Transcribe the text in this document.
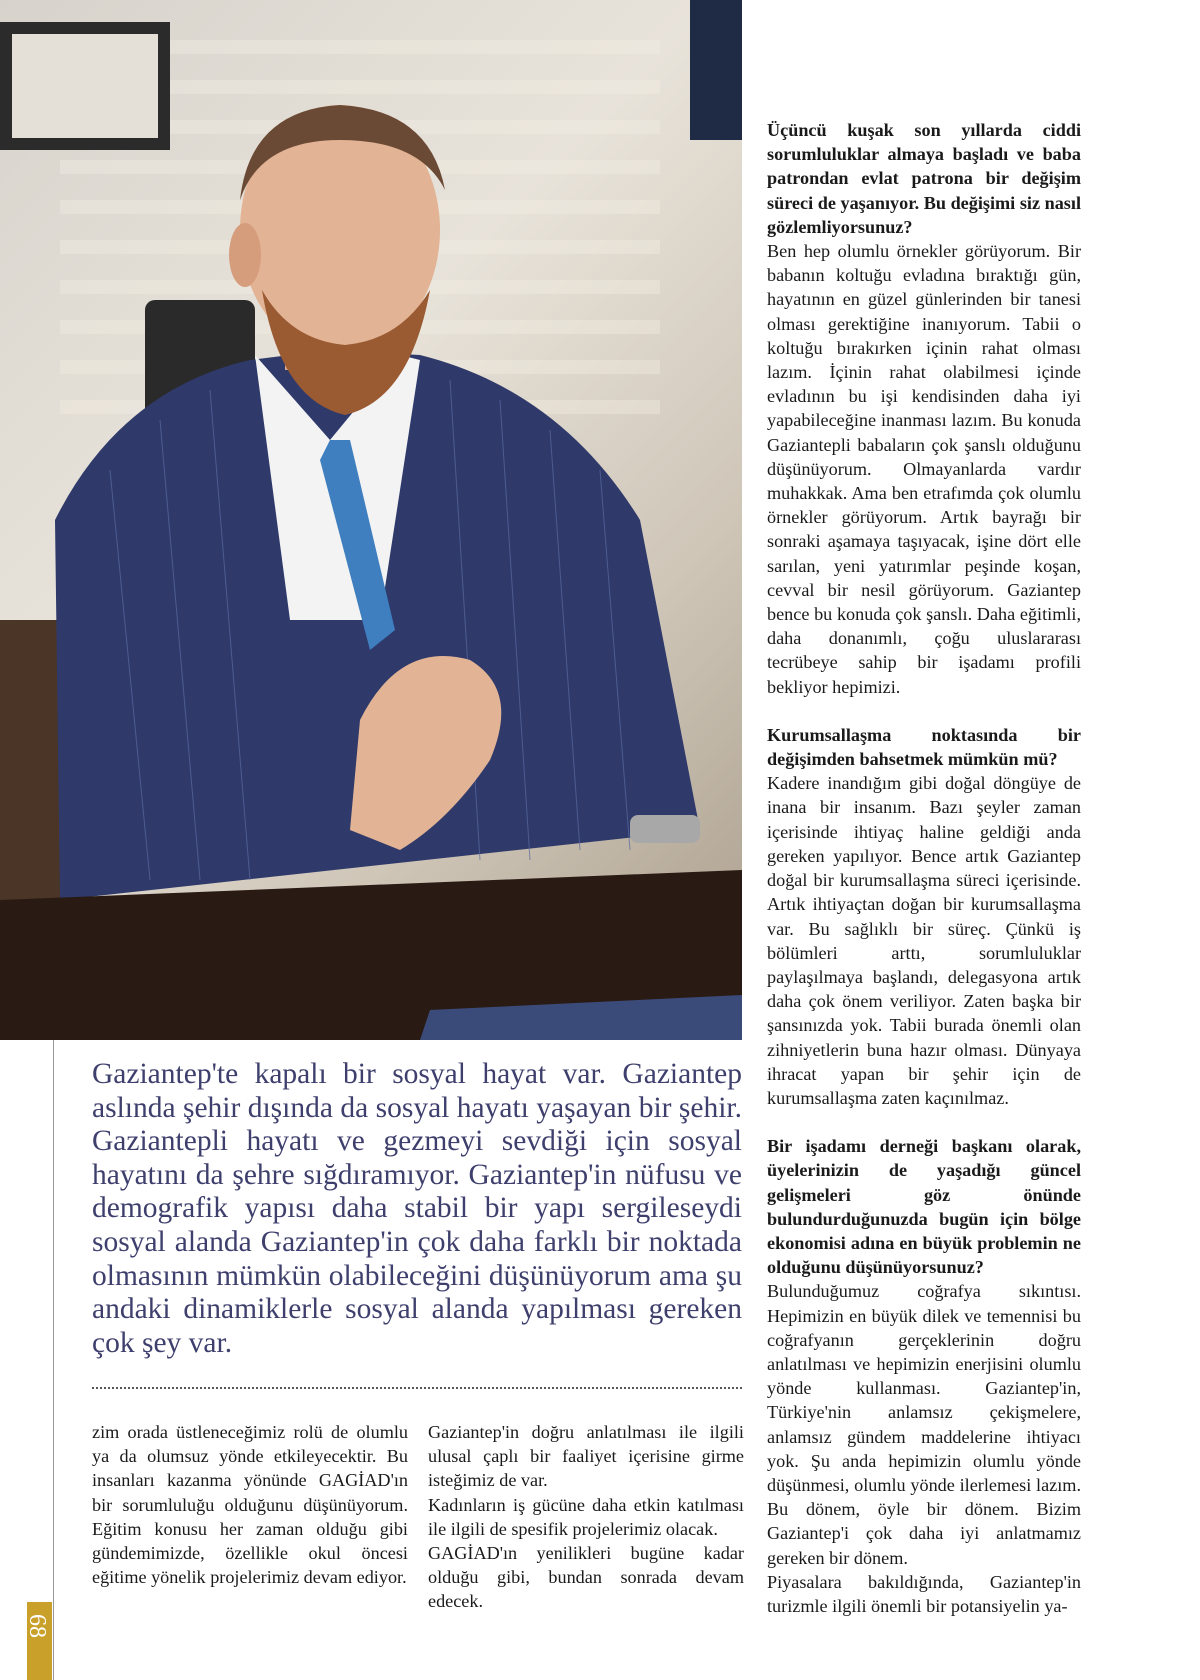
68

Üçüncü kuşak son yıllarda ciddi sorumluluklar almaya başladı ve baba patrondan evlat patrona bir değişim süreci de yaşanıyor. Bu değişimi siz nasıl gözlemliyorsunuz?

Ben hep olumlu örnekler görüyorum. Bir babanın koltuğu evladına bıraktığı gün, hayatının en güzel günlerinden bir tanesi olması gerektiğine inanıyorum. Tabii o koltuğu bırakırken içinin rahat olması lazım. İçinin rahat olabilmesi içinde evladının bu işi kendisinden daha iyi yapabileceğine inanması lazım. Bu konuda Gaziantepli babaların çok şanslı olduğunu düşünüyorum. Olmayanlarda vardır muhakkak. Ama ben etrafımda çok olumlu örnekler görüyorum. Artık bayrağı bir sonraki aşamaya taşıyacak, işine dört elle sarılan, yeni yatırımlar peşinde koşan, cevval bir nesil görüyorum. Gaziantep bence bu konuda çok şanslı. Daha eğitimli, daha donanımlı, çoğu uluslararası tecrübeye sahip bir işadamı profili bekliyor hepimizi.

Kurumsallaşma noktasında bir değişimden bahsetmek mümkün mü?

Kadere inandığım gibi doğal döngüye de inana bir insanım. Bazı şeyler zaman içerisinde ihtiyaç haline geldiği anda gereken yapılıyor. Bence artık Gaziantep doğal bir kurumsallaşma süreci içerisinde. Artık ihtiyaçtan doğan bir kurumsallaşma var. Bu sağlıklı bir süreç. Çünkü iş bölümleri arttı, sorumluluklar paylaşılmaya başlandı, delegasyona artık daha çok önem veriliyor. Zaten başka bir şansınızda yok. Tabii burada önemli olan zihniyetlerin buna hazır olması. Dünyaya ihracat yapan bir şehir için de kurumsallaşma zaten kaçınılmaz.

Bir işadamı derneği başkanı olarak, üyelerinizin de yaşadığı güncel gelişmeleri göz önünde bulundurduğunuzda bugün için bölge ekonomisi adına en büyük problemin ne olduğunu düşünüyorsunuz?

Bulunduğumuz coğrafya sıkıntısı. Hepimizin en büyük dilek ve temennisi bu coğrafyanın gerçeklerinin doğru anlatılması ve hepimizin enerjisini olumlu yönde kullanması. Gaziantep'in, Türkiye'nin anlamsız çekişmelere, anlamsız gündem maddelerine ihtiyacı yok. Şu anda hepimizin olumlu yönde düşünmesi, olumlu yönde ilerlemesi lazım. Bu dönem, öyle bir dönem. Bizim Gaziantep'i çok daha iyi anlatmamız gereken bir dönem.

Piyasalara bakıldığında, Gaziantep'in turizmle ilgili önemli bir potansiyelin ya-

Gaziantep'te kapalı bir sosyal hayat var. Gaziantep aslında şehir dışında da sosyal hayatı yaşayan bir şehir. Gaziantepli hayatı ve gezmeyi sevdiği için sosyal hayatını da şehre sığdıramıyor. Gaziantep'in nüfusu ve demografik yapısı daha stabil bir yapı sergileseydi sosyal alanda Gaziantep'in çok daha farklı bir noktada olmasının mümkün olabileceğini düşünüyorum ama şu andaki dinamiklerle sosyal alanda yapılması gereken çok şey var.

zim orada üstleneceğimiz rolü de olumlu ya da olumsuz yönde etkileyecektir. Bu insanları kazanma yönünde GAGİAD'ın bir sorumluluğu olduğunu düşünüyorum. Eğitim konusu her zaman olduğu gibi gündemimizde, özellikle okul öncesi eğitime yönelik projelerimiz devam ediyor.

Gaziantep'in doğru anlatılması ile ilgili ulusal çaplı bir faaliyet içerisine girme isteğimiz de var.

Kadınların iş gücüne daha etkin katılması ile ilgili de spesifik projelerimiz olacak.

GAGİAD'ın yenilikleri bugüne kadar olduğu gibi, bundan sonrada devam edecek.
